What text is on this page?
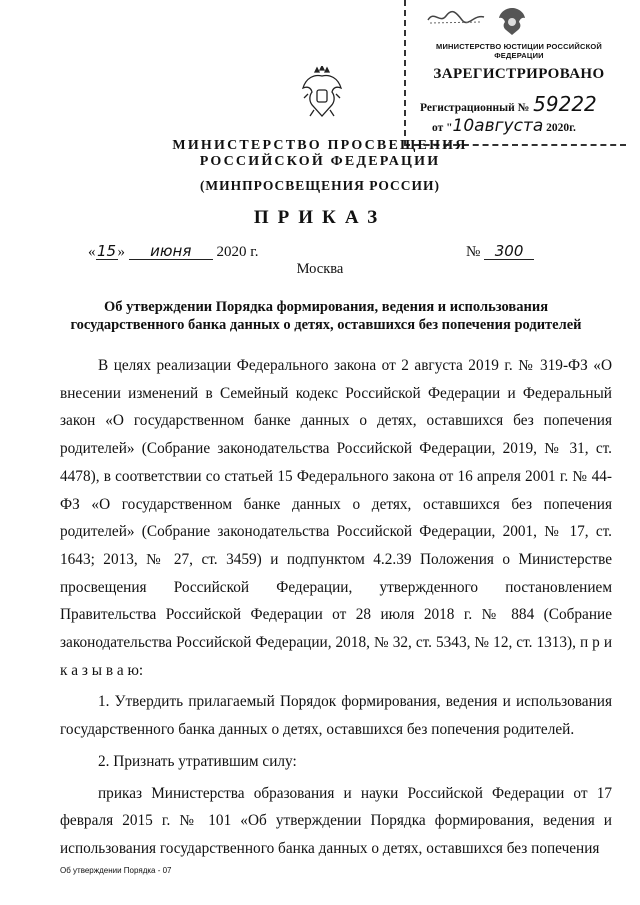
МИНИСТЕРСТВО ЮСТИЦИИ РОССИЙСКОЙ ФЕДЕРАЦИИ
ЗАРЕГИСТРИРОВАНО
Регистрационный № 59222
от "10августа 2020г.
МИНИСТЕРСТВО ПРОСВЕЩЕНИЯ
РОССИЙСКОЙ ФЕДЕРАЦИИ
(МИНПРОСВЕЩЕНИЯ РОССИИ)
ПРИКАЗ
«15» июня 2020 г.	№ 300
Москва
Об утверждении Порядка формирования, ведения и использования государственного банка данных о детях, оставшихся без попечения родителей

В целях реализации Федерального закона от 2 августа 2019 г. № 319-ФЗ «О внесении изменений в Семейный кодекс Российской Федерации и Федеральный закон «О государственном банке данных о детях, оставшихся без попечения родителей» (Собрание законодательства Российской Федерации, 2019, № 31, ст. 4478), в соответствии со статьей 15 Федерального закона от 16 апреля 2001 г. № 44-ФЗ «О государственном банке данных о детях, оставшихся без попечения родителей» (Собрание законодательства Российской Федерации, 2001, № 17, ст. 1643; 2013, № 27, ст. 3459) и подпунктом 4.2.39 Положения о Министерстве просвещения Российской Федерации, утвержденного постановлением Правительства Российской Федерации от 28 июля 2018 г. № 884 (Собрание законодательства Российской Федерации, 2018, № 32, ст. 5343, № 12, ст. 1313), п р и к а з ы в а ю:

1. Утвердить прилагаемый Порядок формирования, ведения и использования государственного банка данных о детях, оставшихся без попечения родителей.

2. Признать утратившим силу:

приказ Министерства образования и науки Российской Федерации от 17 февраля 2015 г. № 101 «Об утверждении Порядка формирования, ведения и использования государственного банка данных о детях, оставшихся без попечения

Об утверждении Порядка - 07
